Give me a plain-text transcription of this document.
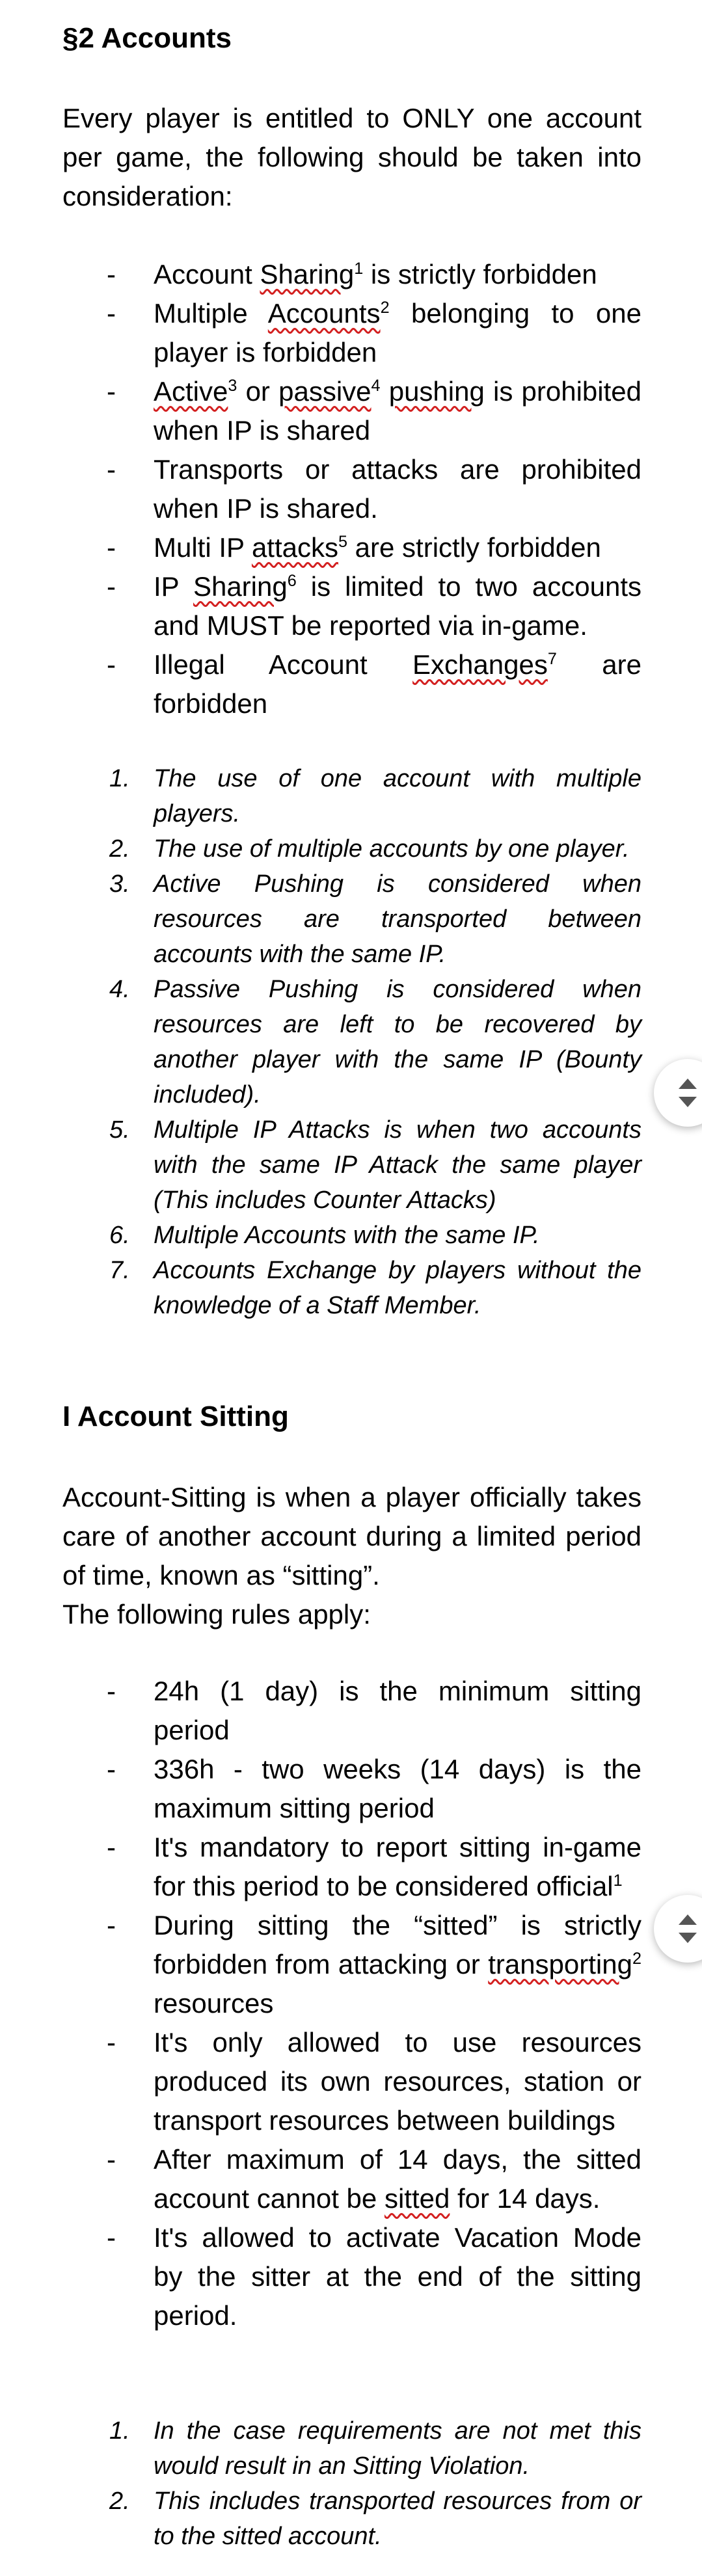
§2 Accounts
Every player is entitled to ONLY one account per game, the following should be taken into consideration:
- Account Sharing$^1$ is strictly forbidden
- Multiple Accounts$^2$ belonging to one player is forbidden
- Active$^3$ or passive$^4$ pushing is prohibited when IP is shared
- Transports or attacks are prohibited when IP is shared.
- Multi IP attacks$^5$ are strictly forbidden
- IP Sharing$^6$ is limited to two accounts and MUST be reported via in-game.
- Illegal Account Exchanges$^7$ are forbidden
1. The use of one account with multiple players.
2. The use of multiple accounts by one player.
3. Active Pushing is considered when resources are transported between accounts with the same IP.
4. Passive Pushing is considered when resources are left to be recovered by another player with the same IP (Bounty included).
5. Multiple IP Attacks is when two accounts with the same IP Attack the same player (This includes Counter Attacks)
6. Multiple Accounts with the same IP.
7. Accounts Exchange by players without the knowledge of a Staff Member.
I Account Sitting
Account-Sitting is when a player officially takes care of another account during a limited period of time, known as “sitting”.
The following rules apply:
- 24h (1 day) is the minimum sitting period
- 336h - two weeks (14 days) is the maximum sitting period
- It's mandatory to report sitting in-game for this period to be considered official$^1$
- During sitting the “sitted” is strictly forbidden from attacking or transporting$^2$ resources
- It's only allowed to use resources produced its own resources, station or transport resources between buildings
- After maximum of 14 days, the sitted account cannot be sitted for 14 days.
- It's allowed to activate Vacation Mode by the sitter at the end of the sitting period.
1. In the case requirements are not met this would result in an Sitting Violation.
2. This includes transported resources from or to the sitted account.
